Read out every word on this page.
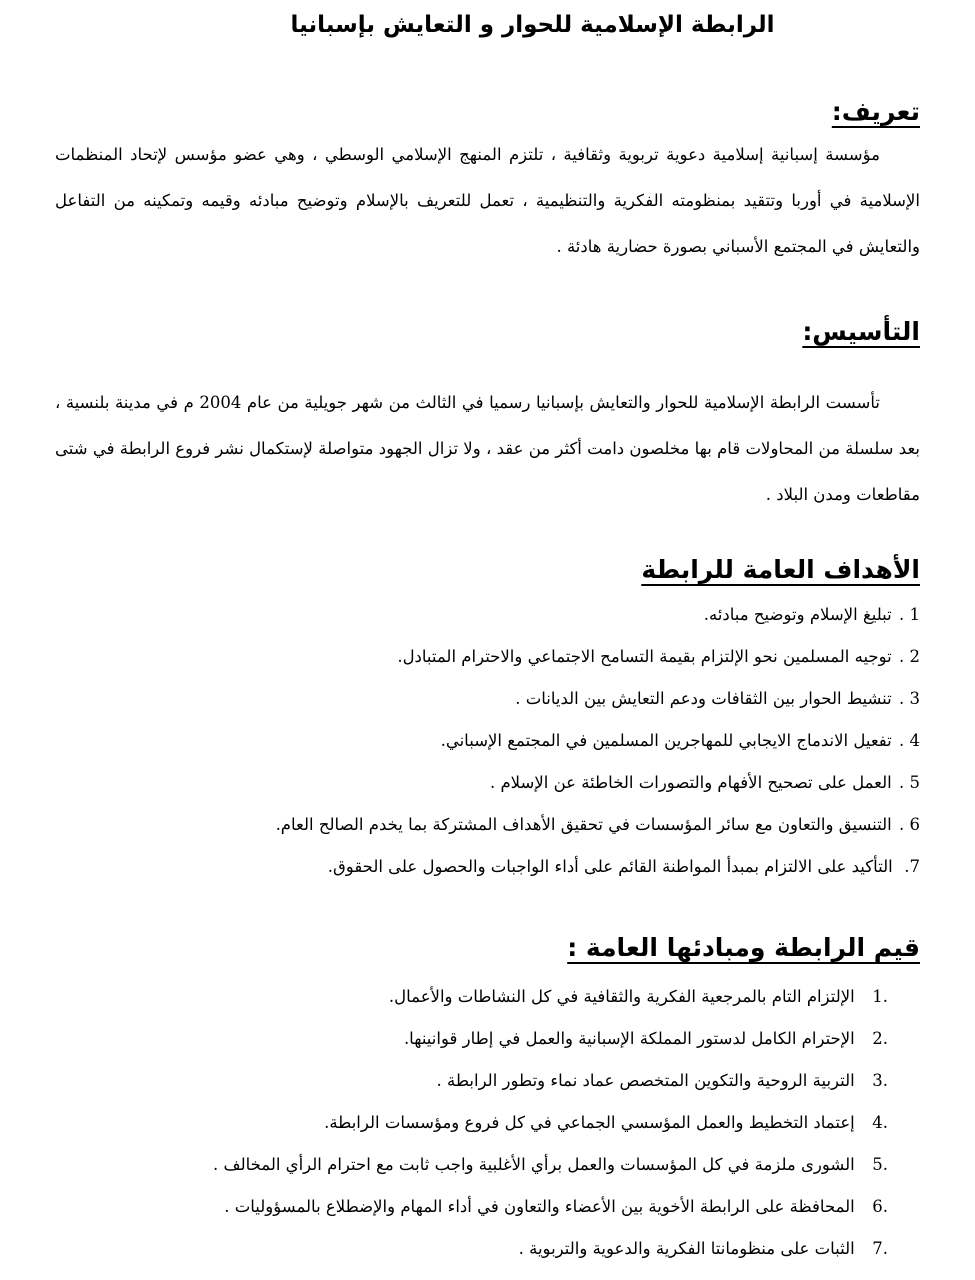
الرابطة الإسلامية للحوار و التعايش بإسبانيا
تعريف:

مؤسسة إسبانية إسلامية دعوية تربوية وثقافية ، تلتزم المنهج الإسلامي الوسطي ، وهي عضو مؤسس لإتحاد المنظمات الإسلامية في أوربا وتتقيد بمنظومته الفكرية والتنظيمية ، تعمل للتعريف بالإسلام وتوضيح مبادئه وقيمه وتمكينه من التفاعل والتعايش في المجتمع الأسباني بصورة حضارية هادئة .

التأسيس:

تأسست الرابطة الإسلامية للحوار والتعايش بإسبانيا رسميا في الثالث من شهر جويلية من عام 2004 م في مدينة بلنسية ، بعد سلسلة من المحاولات قام بها مخلصون دامت أكثر من عقد ، ولا تزال الجهود متواصلة لإستكمال نشر فروع الرابطة في شتى مقاطعات ومدن البلاد .

الأهداف العامة للرابطة
1 . تبليغ الإسلام وتوضيح مبادئه.
2 . توجيه المسلمين نحو الإلتزام بقيمة التسامح الاجتماعي والاحترام المتبادل.
3 . تنشيط الحوار بين الثقافات ودعم التعايش بين الديانات .
4 . تفعيل الاندماج الايجابي للمهاجرين المسلمين في المجتمع الإسباني.
5 . العمل على تصحيح الأفهام والتصورات الخاطئة عن الإسلام .
6 . التنسيق والتعاون مع سائر المؤسسات في تحقيق الأهداف المشتركة بما يخدم الصالح العام.
7. التأكيد على الالتزام بمبدأ المواطنة القائم على أداء الواجبات والحصول على الحقوق.
قيم الرابطة ومبادئها العامة :
.1 الإلتزام التام بالمرجعية الفكرية والثقافية في كل النشاطات والأعمال.
.2 الإحترام الكامل لدستور المملكة الإسبانية والعمل في إطار قوانينها.
.3 التربية الروحية والتكوين المتخصص عماد نماء وتطور الرابطة .
.4 إعتماد التخطيط والعمل المؤسسي الجماعي في كل فروع ومؤسسات الرابطة.
.5 الشورى ملزمة في كل المؤسسات والعمل برأي الأغلبية واجب ثابت مع احترام الرأي المخالف .
.6 المحافظة على الرابطة الأخوية بين الأعضاء والتعاون في أداء المهام والإضطلاع بالمسؤوليات .
.7 الثبات على منظومانتا الفكرية والدعوية والتربوية .
